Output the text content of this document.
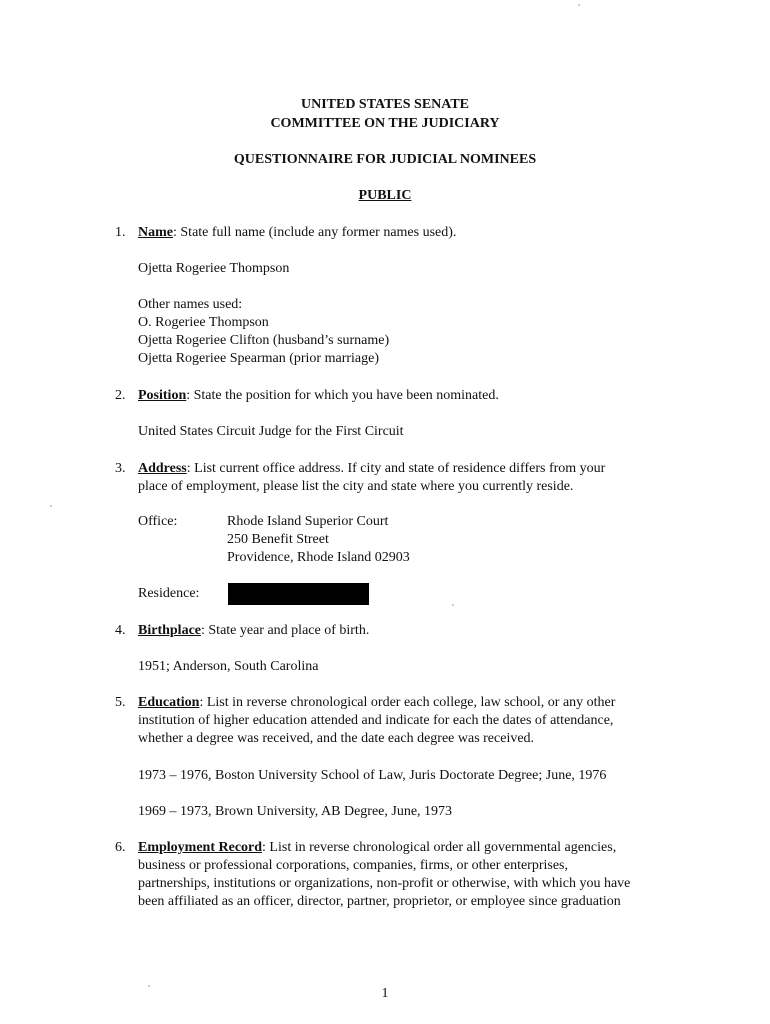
UNITED STATES SENATE
COMMITTEE ON THE JUDICIARY
QUESTIONNAIRE FOR JUDICIAL NOMINEES
PUBLIC
1. Name: State full name (include any former names used).
Ojetta Rogeriee Thompson
Other names used:
O. Rogeriee Thompson
Ojetta Rogeriee Clifton (husband’s surname)
Ojetta Rogeriee Spearman (prior marriage)
2. Position: State the position for which you have been nominated.
United States Circuit Judge for the First Circuit
3. Address: List current office address. If city and state of residence differs from your
place of employment, please list the city and state where you currently reside.
Office:	Rhode Island Superior Court
250 Benefit Street
Providence, Rhode Island 02903
Residence:
4. Birthplace: State year and place of birth.
1951; Anderson, South Carolina
5. Education: List in reverse chronological order each college, law school, or any other
institution of higher education attended and indicate for each the dates of attendance,
whether a degree was received, and the date each degree was received.
1973 – 1976, Boston University School of Law, Juris Doctorate Degree; June, 1976
1969 – 1973, Brown University, AB Degree, June, 1973
6. Employment Record: List in reverse chronological order all governmental agencies,
business or professional corporations, companies, firms, or other enterprises,
partnerships, institutions or organizations, non-profit or otherwise, with which you have
been affiliated as an officer, director, partner, proprietor, or employee since graduation
1
